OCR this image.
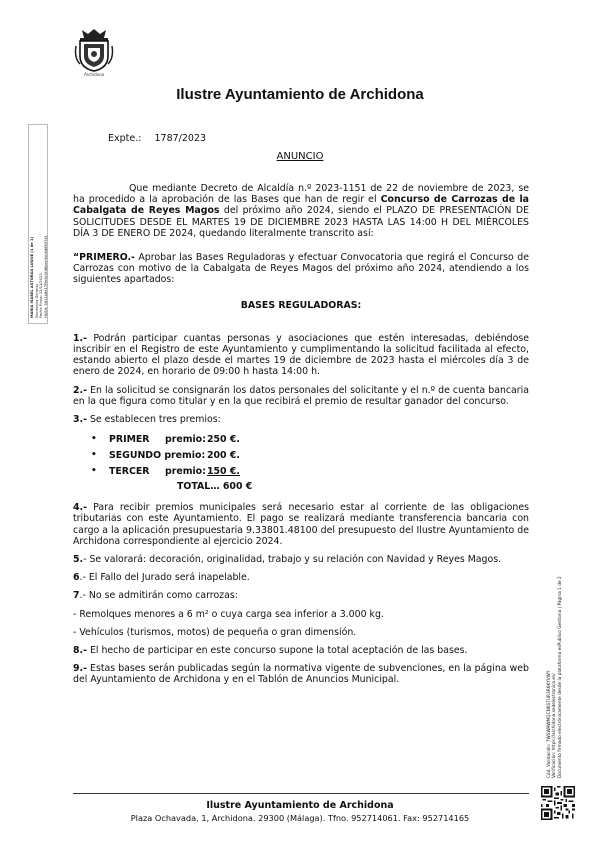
Archidona
Ilustre Ayuntamiento de Archidona
MARIA ISABEL ASTORGA LUQUE (1 de 1) Secretaria General Fecha Firma: 22/11/2023 HASH: 5d11b8e17f9e5c0fd8bee3bb5d865741
Cód. Validación: 7WSWAWMQCN6STUR3R6KYVWY Verificación: https://archidona.sedelectronica.es/ Documento firmado electrónicamente desde la plataforma esPublico Gestiona | Página 1 de 2
Expte.: 1787/2023
ANUNCIO

Que mediante Decreto de Alcaldía n.º 2023-1151 de 22 de noviembre de 2023, se ha procedido a la aprobación de las Bases que han de regir el Concurso de Carrozas de la Cabalgata de Reyes Magos del próximo año 2024, siendo el PLAZO DE PRESENTACIÓN DE SOLICITUDES DESDE EL MARTES 19 DE DICIEMBRE 2023 HASTA LAS 14:00 H DEL MIÉRCOLES DÍA 3 DE ENERO DE 2024, quedando literalmente transcrito así:

“PRIMERO.- Aprobar las Bases Reguladoras y efectuar Convocatoria que regirá el Concurso de Carrozas con motivo de la Cabalgata de Reyes Magos del próximo año 2024, atendiendo a los siguientes apartados:

BASES REGULADORAS:

1.- Podrán participar cuantas personas y asociaciones que estén interesadas, debiéndose inscribir en el Registro de este Ayuntamiento y cumplimentando la solicitud facilitada al efecto, estando abierto el plazo desde el martes 19 de diciembre de 2023 hasta el miércoles día 3 de enero de 2024, en horario de 09:00 h hasta 14:00 h.

2.- En la solicitud se consignarán los datos personales del solicitante y el n.º de cuenta bancaria en la que figura como titular y en la que recibirá el premio de resultar ganador del concurso.

3.- Se establecen tres premios:

•	PRIMER	premio: 250 €.
•	SEGUNDO premio: 200 €.
•	TERCER	premio: 150 €.
TOTAL… 600 €

4.- Para recibir premios municipales será necesario estar al corriente de las obligaciones tributarias con este Ayuntamiento. El pago se realizará mediante transferencia bancaria con cargo a la aplicación presupuestaria 9.33801.48100 del presupuesto del Ilustre Ayuntamiento de Archidona correspondiente al ejercicio 2024.

5.- Se valorará: decoración, originalidad, trabajo y su relación con Navidad y Reyes Magos.

6.- El Fallo del Jurado será inapelable.

7.- No se admitirán como carrozas:

- Remolques menores a 6 m² o cuya carga sea inferior a 3.000 kg.

- Vehículos (turismos, motos) de pequeña o gran dimensión.

8.- El hecho de participar en este concurso supone la total aceptación de las bases.

9.- Estas bases serán publicadas según la normativa vigente de subvenciones, en la página web del Ayuntamiento de Archidona y en el Tablón de Anuncios Municipal.

Ilustre Ayuntamiento de Archidona
Plaza Ochavada, 1, Archidona. 29300 (Málaga). Tfno. 952714061. Fax: 952714165
